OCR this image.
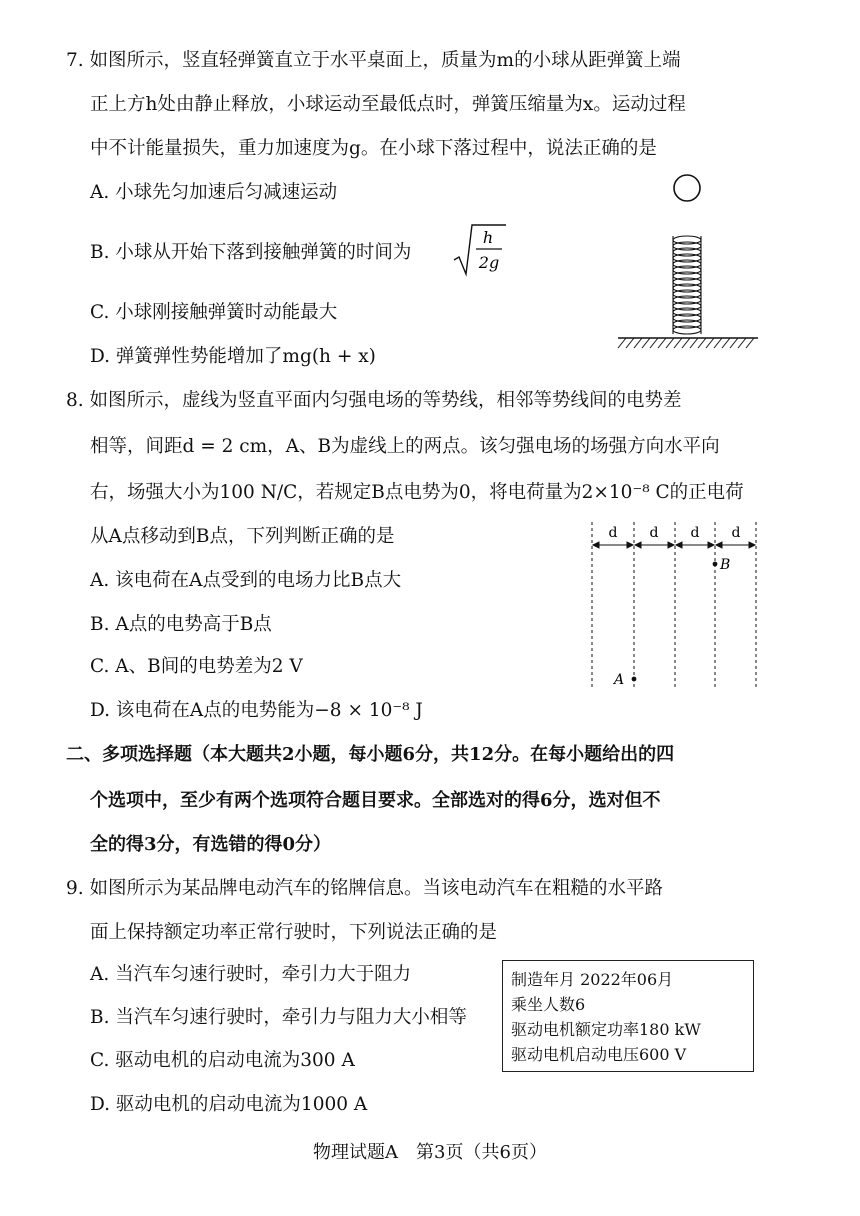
7. 如图所示，竖直轻弹簧直立于水平桌面上，质量为m的小球从距弹簧上端
正上方h处由静止释放，小球运动至最低点时，弹簧压缩量为x。运动过程
中不计能量损失，重力加速度为g。在小球下落过程中，说法正确的是
A. 小球先匀加速后匀减速运动
B. 小球从开始下落到接触弹簧的时间为
h
2g
C. 小球刚接触弹簧时动能最大
D. 弹簧弹性势能增加了mg(h + x)
8. 如图所示，虚线为竖直平面内匀强电场的等势线，相邻等势线间的电势差
相等，间距d = 2 cm，A、B为虚线上的两点。该匀强电场的场强方向水平向
右，场强大小为100 N/C，若规定B点电势为0，将电荷量为2×10⁻⁸ C的正电荷
从A点移动到B点，下列判断正确的是
A. 该电荷在A点受到的电场力比B点大
B. A点的电势高于B点
C. A、B间的电势差为2 V
D. 该电荷在A点的电势能为−8 × 10⁻⁸ J
d d d d
B
A
二、多项选择题（本大题共2小题，每小题6分，共12分。在每小题给出的四
个选项中，至少有两个选项符合题目要求。全部选对的得6分，选对但不
全的得3分，有选错的得0分）
9. 如图所示为某品牌电动汽车的铭牌信息。当该电动汽车在粗糙的水平路
面上保持额定功率正常行驶时，下列说法正确的是
A. 当汽车匀速行驶时，牵引力大于阻力
B. 当汽车匀速行驶时，牵引力与阻力大小相等
C. 驱动电机的启动电流为300 A
D. 驱动电机的启动电流为1000 A
制造年月 2022年06月
乘坐人数6
驱动电机额定功率180 kW
驱动电机启动电压600 V
物理试题A　第3页（共6页）
